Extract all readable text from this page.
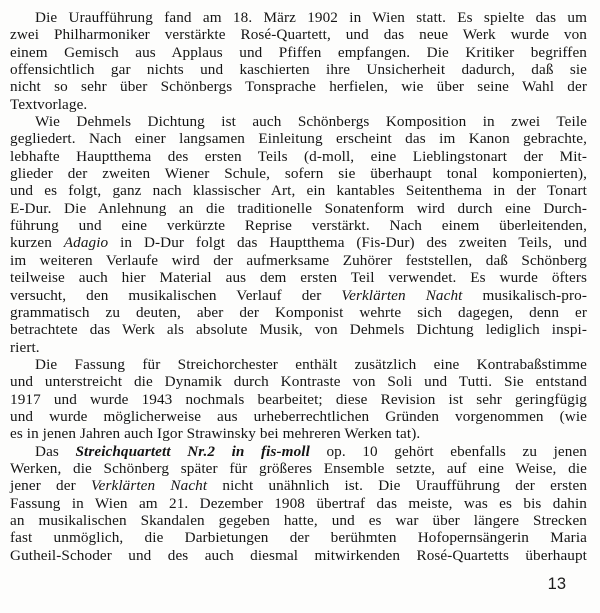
Die Uraufführung fand am 18. März 1902 in Wien statt. Es spielte das um
zwei Philharmoniker verstärkte Rosé-Quartett, und das neue Werk wurde von
einem Gemisch aus Applaus und Pfiffen empfangen. Die Kritiker begriffen
offensichtlich gar nichts und kaschierten ihre Unsicherheit dadurch, daß sie
nicht so sehr über Schönbergs Tonsprache herfielen, wie über seine Wahl der
Textvorlage.
Wie Dehmels Dichtung ist auch Schönbergs Komposition in zwei Teile
gegliedert. Nach einer langsamen Einleitung erscheint das im Kanon gebrachte,
lebhafte Hauptthema des ersten Teils (d-moll, eine Lieblingstonart der Mit-
glieder der zweiten Wiener Schule, sofern sie überhaupt tonal komponierten),
und es folgt, ganz nach klassischer Art, ein kantables Seitenthema in der Tonart
E-Dur. Die Anlehnung an die traditionelle Sonatenform wird durch eine Durch-
führung und eine verkürzte Reprise verstärkt. Nach einem überleitenden,
kurzen Adagio in D-Dur folgt das Hauptthema (Fis-Dur) des zweiten Teils, und
im weiteren Verlaufe wird der aufmerksame Zuhörer feststellen, daß Schönberg
teilweise auch hier Material aus dem ersten Teil verwendet. Es wurde öfters
versucht, den musikalischen Verlauf der Verklärten Nacht musikalisch-pro-
grammatisch zu deuten, aber der Komponist wehrte sich dagegen, denn er
betrachtete das Werk als absolute Musik, von Dehmels Dichtung lediglich inspi-
riert.
Die Fassung für Streichorchester enthält zusätzlich eine Kontrabaßstimme
und unterstreicht die Dynamik durch Kontraste von Soli und Tutti. Sie entstand
1917 und wurde 1943 nochmals bearbeitet; diese Revision ist sehr geringfügig
und wurde möglicherweise aus urheberrechtlichen Gründen vorgenommen (wie
es in jenen Jahren auch Igor Strawinsky bei mehreren Werken tat).
Das Streichquartett Nr.2 in fis-moll op. 10 gehört ebenfalls zu jenen
Werken, die Schönberg später für größeres Ensemble setzte, auf eine Weise, die
jener der Verklärten Nacht nicht unähnlich ist. Die Uraufführung der ersten
Fassung in Wien am 21. Dezember 1908 übertraf das meiste, was es bis dahin
an musikalischen Skandalen gegeben hatte, und es war über längere Strecken
fast unmöglich, die Darbietungen der berühmten Hofopernsängerin Maria
Gutheil-Schoder und des auch diesmal mitwirkenden Rosé-Quartetts überhaupt
13
